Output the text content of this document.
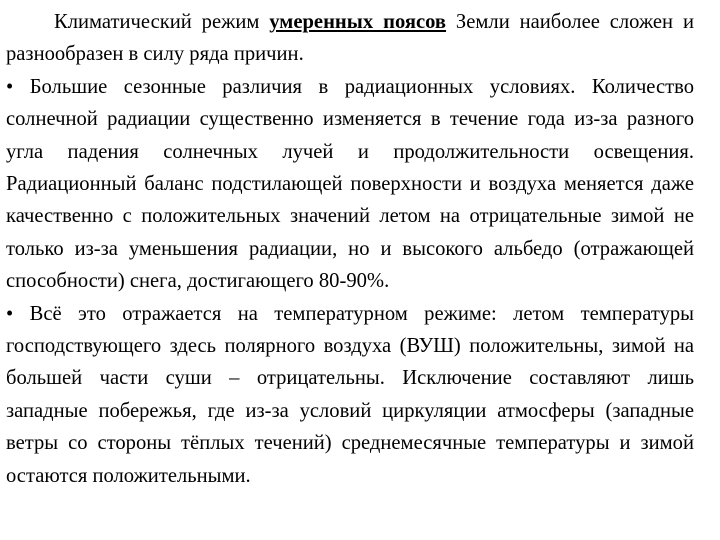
Климатический режим умеренных поясов Земли наиболее сложен и разнообразен в силу ряда причин.

• Большие сезонные различия в радиационных условиях. Количество солнечной радиации существенно изменяется в течение года из-за разного угла падения солнечных лучей и продолжительности освещения. Радиационный баланс подстилающей поверхности и воздуха меняется даже качественно с положительных значений летом на отрицательные зимой не только из-за уменьшения радиации, но и высокого альбедо (отражающей способности) снега, достигающего 80-90%.

• Всё это отражается на температурном режиме: летом температуры господствующего здесь полярного воздуха (ВУШ) положительны, зимой на большей части суши – отрицательны. Исключение составляют лишь западные побережья, где из-за условий циркуляции атмосферы (западные ветры со стороны тёплых течений) среднемесячные температуры и зимой остаются положительными.
